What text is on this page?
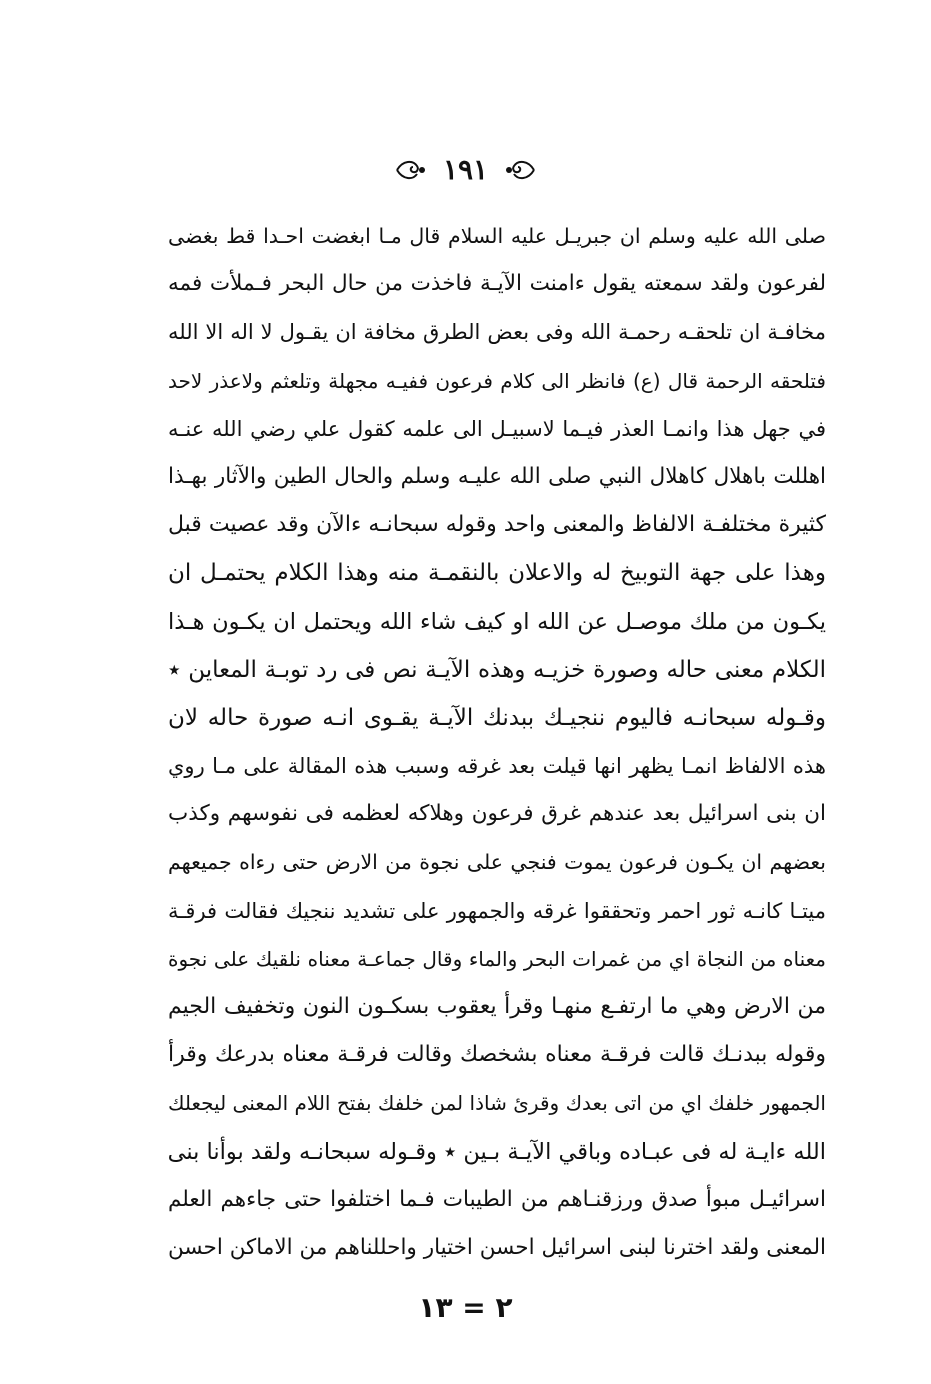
١٩١
صلى الله عليه وسلم ان جبريـل عليه السلام قال مـا ابغضت احـدا قط بغضى
لفرعون ولقد سمعته يقول ءامنت الآيـة فاخذت من حال البحر فـملأت فمه
مخافـة ان تلحقـه رحمـة الله وفى بعض الطرق مخافة ان يقـول لا اله الا الله
فتلحقه الرحمة قال (ع) فانظر الى كلام فرعون ففيـه مجهلة وتلعثم ولاعذر لاحد
في جهل هذا وانمـا العذر فيـما لاسبيـل الى علمه كقول علي رضي الله عنـه
اهللت باهلال كاهلال النبي صلى الله عليـه وسلم والحال الطين والآثار بهـذا
كثيرة مختلفـة الالفاظ والمعنى واحد وقوله سبحانـه ءالآن وقد عصيت قبل
وهذا على جهة التوبيخ له والاعلان بالنقمـة منه وهذا الكلام يحتمـل ان
يكـون من ملك موصـل عن الله او كيف شاء الله ويحتمل ان يكـون هـذا
الكلام معنى حاله وصورة خزيـه وهذه الآيـة نص فى رد توبـة المعاين ٭
وقـوله سبحانـه فاليوم ننجيـك ببدنك الآيـة يقـوى انـه صورة حاله لان
هذه الالفاظ انمـا يظهر انها قيلت بعد غرقه وسبب هذه المقالة على مـا روي
ان بنى اسرائيل بعد عندهم غرق فرعون وهلاكه لعظمه فى نفوسهم وكذب
بعضهم ان يكـون فرعون يموت فنجي على نجوة من الارض حتى رءاه جميعهم
ميتـا كانـه ثور احمر وتحققوا غرقه والجمهور على تشديد ننجيك فقالت فرقـة
معناه من النجاة اي من غمرات البحر والماء وقال جماعـة معناه نلقيك على نجوة
من الارض وهي ما ارتفـع منهـا وقرأ يعقوب بسكـون النون وتخفيف الجيم
وقوله ببدنـك قالت فرقـة معناه بشخصك وقالت فرقـة معناه بدرعك وقرأ
الجمهور خلفك اي من اتى بعدك وقرئ شاذا لمن خلفك بفتح اللام المعنى ليجعلك
الله ءايـة له فى عبـاده وباقي الآيـة بـين ٭ وقـوله سبحانـه ولقد بوأنا بنى
اسرائيـل مبوأ صدق ورزقنـاهم من الطيبات فـما اختلفوا حتى جاءهم العلم
المعنى ولقد اخترنا لبنى اسرائيل احسن اختيار واحللناهم من الاماكن احسن
٢ = ١٣
